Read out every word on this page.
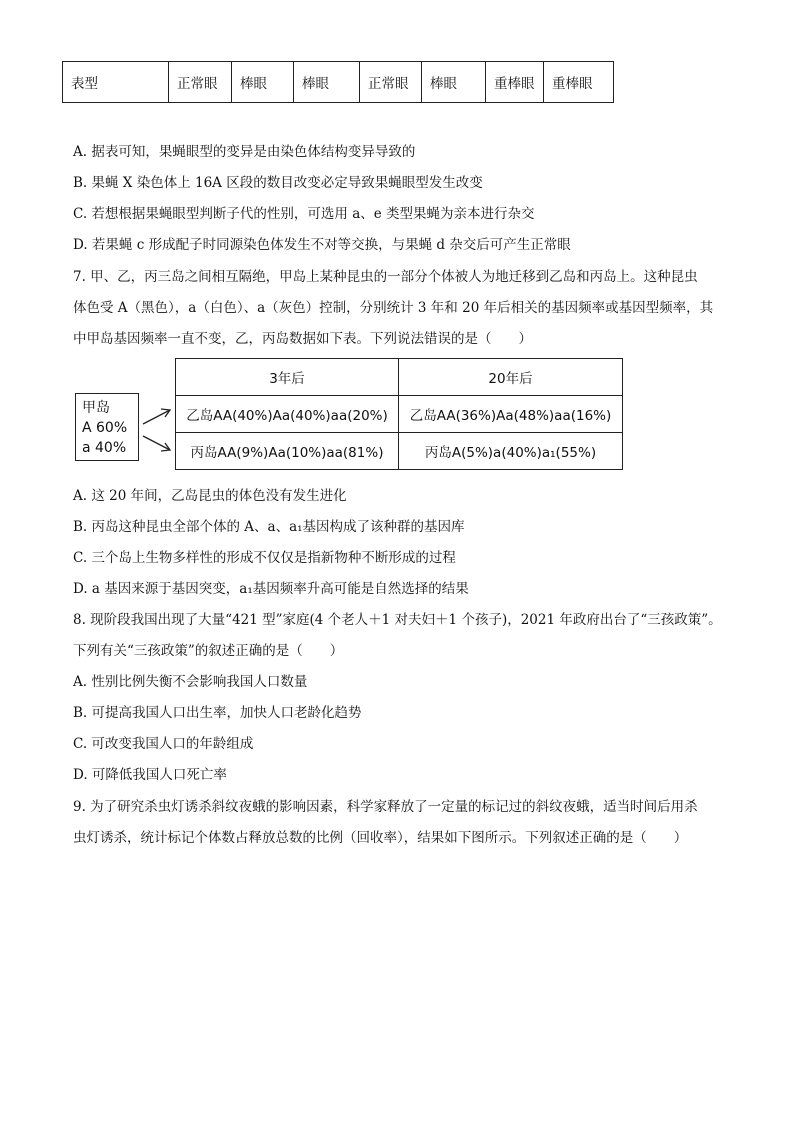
表型	正常眼	棒眼	棒眼	正常眼	棒眼	重棒眼	重棒眼
A. 据表可知，果蝇眼型的变异是由染色体结构变异导致的
B. 果蝇 X 染色体上 16A 区段的数目改变必定导致果蝇眼型发生改变
C. 若想根据果蝇眼型判断子代的性别，可选用 a、e 类型果蝇为亲本进行杂交
D. 若果蝇 c 形成配子时同源染色体发生不对等交换，与果蝇 d 杂交后可产生正常眼
7. 甲、乙，丙三岛之间相互隔绝，甲岛上某种昆虫的一部分个体被人为地迁移到乙岛和丙岛上。这种昆虫
体色受 A（黑色），a（白色）、a（灰色）控制，分别统计 3 年和 20 年后相关的基因频率或基因型频率，其
中甲岛基因频率一直不变，乙，丙岛数据如下表。下列说法错误的是（　　）
甲岛
A 60%
a 40%
3年后	20年后
乙岛AA(40%)Aa(40%)aa(20%)	乙岛AA(36%)Aa(48%)aa(16%)
丙岛AA(9%)Aa(10%)aa(81%)	丙岛A(5%)a(40%)a₁(55%)
A. 这 20 年间，乙岛昆虫的体色没有发生进化
B. 丙岛这种昆虫全部个体的 A、a、a₁基因构成了该种群的基因库
C. 三个岛上生物多样性的形成不仅仅是指新物种不断形成的过程
D. a 基因来源于基因突变，a₁基因频率升高可能是自然选择的结果
8. 现阶段我国出现了大量“421 型”家庭(4 个老人＋1 对夫妇＋1 个孩子)，2021 年政府出台了“三孩政策”。
下列有关“三孩政策”的叙述正确的是（　　）
A. 性别比例失衡不会影响我国人口数量
B. 可提高我国人口出生率，加快人口老龄化趋势
C. 可改变我国人口的年龄组成
D. 可降低我国人口死亡率
9. 为了研究杀虫灯诱杀斜纹夜蛾的影响因素，科学家释放了一定量的标记过的斜纹夜蛾，适当时间后用杀
虫灯诱杀，统计标记个体数占释放总数的比例（回收率），结果如下图所示。下列叙述正确的是（　　）
